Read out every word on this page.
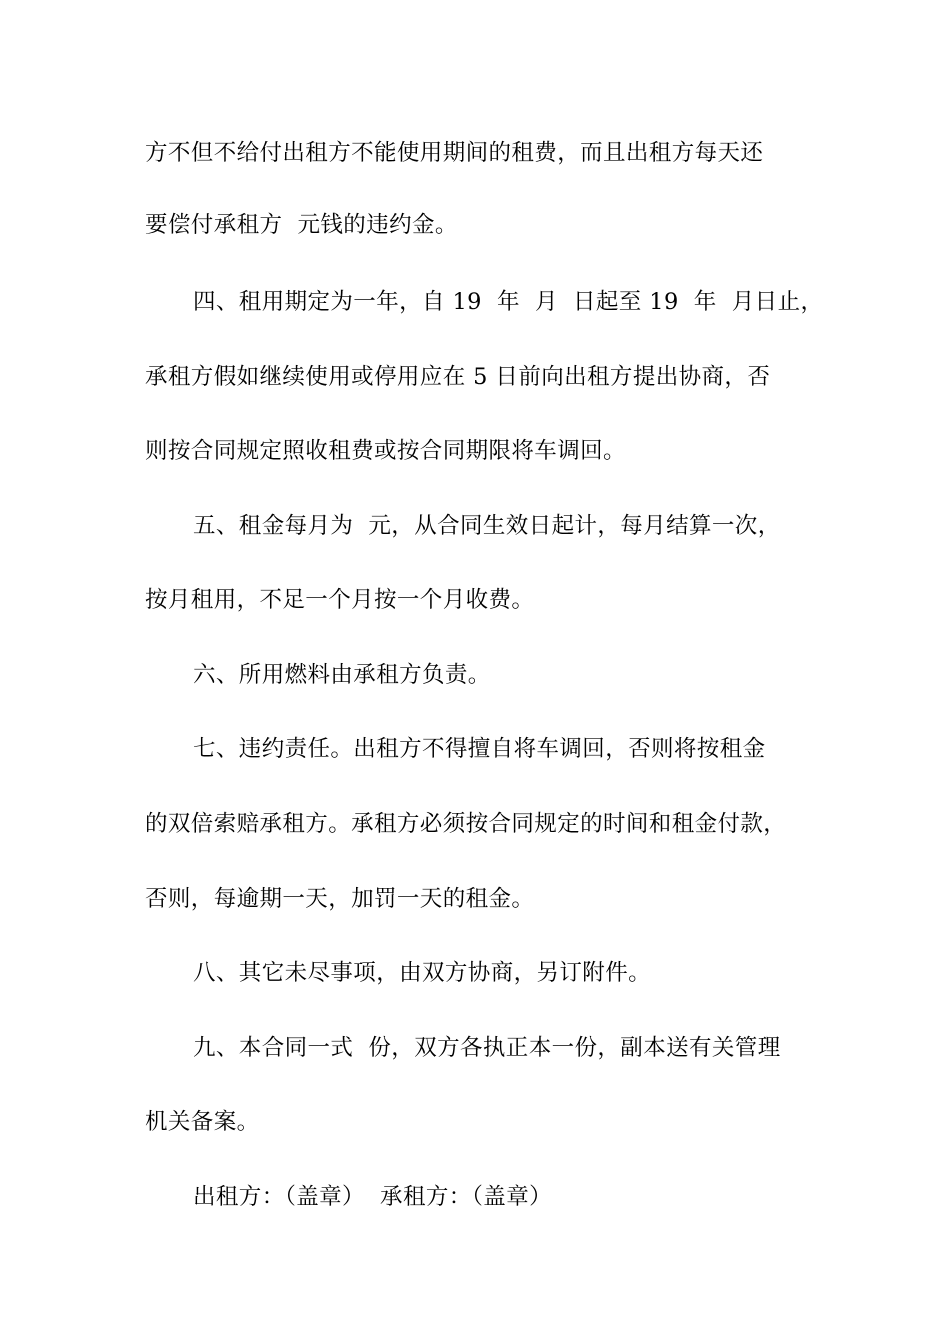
方不但不给付出租方不能使用期间的租费，而且出租方每天还
要偿付承租方  元钱的违约金。
四、租用期定为一年，自 19  年  月  日起至 19  年  月日止，
承租方假如继续使用或停用应在 5 日前向出租方提出协商，否
则按合同规定照收租费或按合同期限将车调回。
五、租金每月为  元，从合同生效日起计，每月结算一次，
按月租用，不足一个月按一个月收费。
六、所用燃料由承租方负责。
七、违约责任。出租方不得擅自将车调回，否则将按租金
的双倍索赔承租方。承租方必须按合同规定的时间和租金付款，
否则，每逾期一天，加罚一天的租金。
八、其它未尽事项，由双方协商，另订附件。
九、本合同一式  份，双方各执正本一份，副本送有关管理
机关备案。
出租方：（盖章）  承租方：（盖章）
